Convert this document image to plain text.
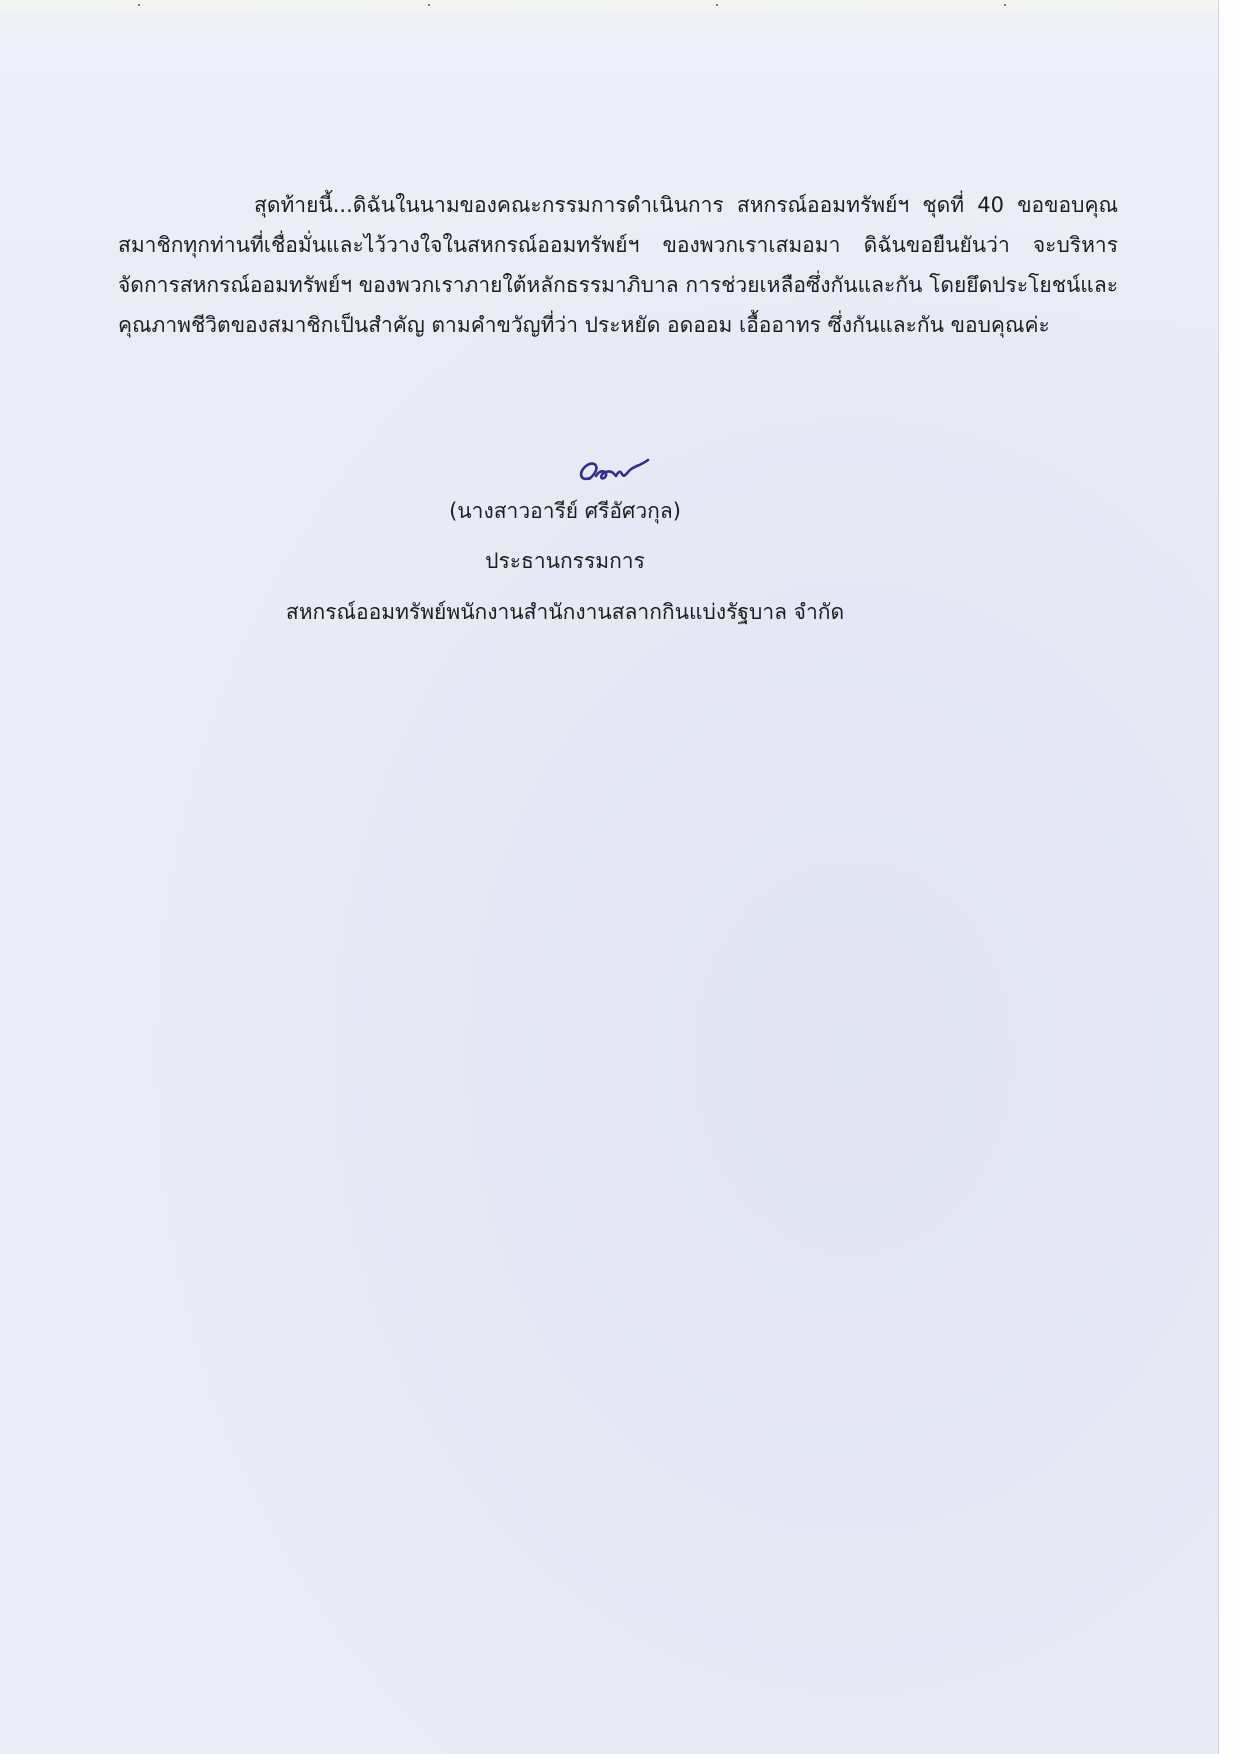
สุดท้ายนี้...ดิฉันในนามของคณะกรรมการดำเนินการ สหกรณ์ออมทรัพย์ฯ ชุดที่ 40 ขอขอบคุณสมาชิกทุกท่านที่เชื่อมั่นและไว้วางใจในสหกรณ์ออมทรัพย์ฯ ของพวกเราเสมอมา ดิฉันขอยืนยันว่า จะบริหารจัดการสหกรณ์ออมทรัพย์ฯ ของพวกเราภายใต้หลักธรรมาภิบาล การช่วยเหลือซึ่งกันและกัน โดยยึดประโยชน์และคุณภาพชีวิตของสมาชิกเป็นสำคัญ ตามคำขวัญที่ว่า ประหยัด อดออม เอื้ออาทร ซึ่งกันและกัน ขอบคุณค่ะ

(นางสาวอารีย์ ศรีอัศวกุล)
ประธานกรรมการ
สหกรณ์ออมทรัพย์พนักงานสำนักงานสลากกินแบ่งรัฐบาล จำกัด
